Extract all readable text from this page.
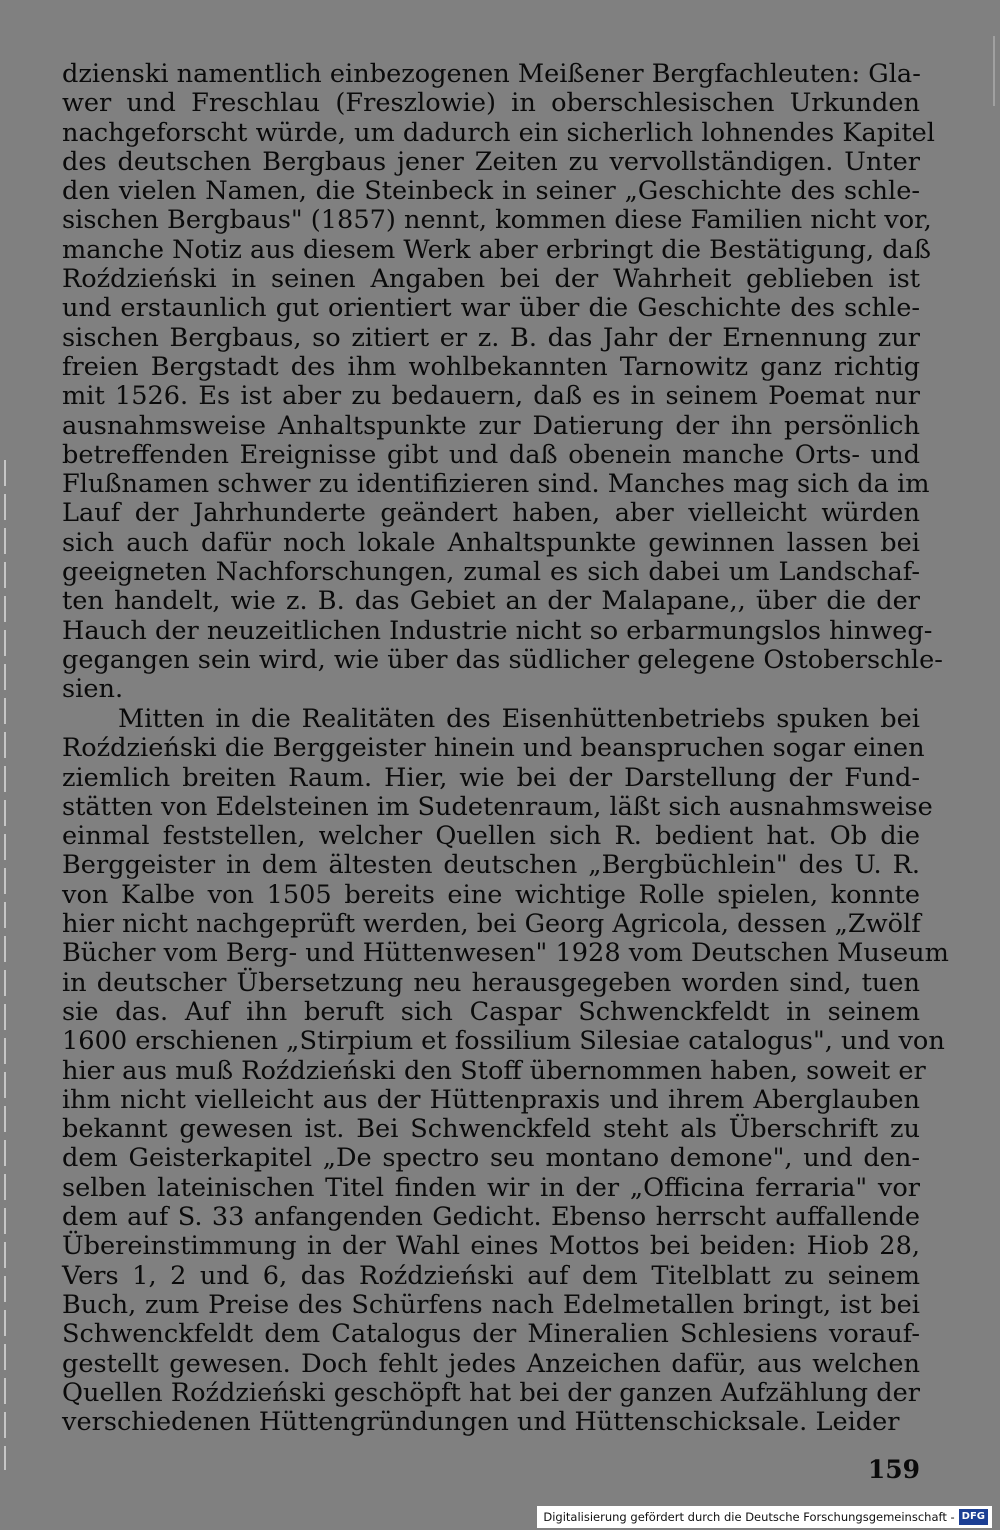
dzienski namentlich einbezogenen Meißener Bergfachleuten: Gla-
wer und Freschlau (Freszlowie) in oberschlesischen Urkunden
nachgeforscht würde, um dadurch ein sicherlich lohnendes Kapitel
des deutschen Bergbaus jener Zeiten zu vervollständigen. Unter
den vielen Namen, die Steinbeck in seiner „Geschichte des schle-
sischen Bergbaus" (1857) nennt, kommen diese Familien nicht vor,
manche Notiz aus diesem Werk aber erbringt die Bestätigung, daß
Roździeński in seinen Angaben bei der Wahrheit geblieben ist
und erstaunlich gut orientiert war über die Geschichte des schle-
sischen Bergbaus, so zitiert er z. B. das Jahr der Ernennung zur
freien Bergstadt des ihm wohlbekannten Tarnowitz ganz richtig
mit 1526. Es ist aber zu bedauern, daß es in seinem Poemat nur
ausnahmsweise Anhaltspunkte zur Datierung der ihn persönlich
betreffenden Ereignisse gibt und daß obenein manche Orts- und
Flußnamen schwer zu identifizieren sind. Manches mag sich da im
Lauf der Jahrhunderte geändert haben, aber vielleicht würden
sich auch dafür noch lokale Anhaltspunkte gewinnen lassen bei
geeigneten Nachforschungen, zumal es sich dabei um Landschaf-
ten handelt, wie z. B. das Gebiet an der Malapane,, über die der
Hauch der neuzeitlichen Industrie nicht so erbarmungslos hinweg-
gegangen sein wird, wie über das südlicher gelegene Ostoberschle-
sien.
Mitten in die Realitäten des Eisenhüttenbetriebs spuken bei
Roździeński die Berggeister hinein und beanspruchen sogar einen
ziemlich breiten Raum. Hier, wie bei der Darstellung der Fund-
stätten von Edelsteinen im Sudetenraum, läßt sich ausnahmsweise
einmal feststellen, welcher Quellen sich R. bedient hat. Ob die
Berggeister in dem ältesten deutschen „Bergbüchlein" des U. R.
von Kalbe von 1505 bereits eine wichtige Rolle spielen, konnte
hier nicht nachgeprüft werden, bei Georg Agricola, dessen „Zwölf
Bücher vom Berg- und Hüttenwesen" 1928 vom Deutschen Museum
in deutscher Übersetzung neu herausgegeben worden sind, tuen
sie das. Auf ihn beruft sich Caspar Schwenckfeldt in seinem
1600 erschienen „Stirpium et fossilium Silesiae catalogus", und von
hier aus muß Roździeński den Stoff übernommen haben, soweit er
ihm nicht vielleicht aus der Hüttenpraxis und ihrem Aberglauben
bekannt gewesen ist. Bei Schwenckfeld steht als Überschrift zu
dem Geisterkapitel „De spectro seu montano demone", und den-
selben lateinischen Titel finden wir in der „Officina ferraria" vor
dem auf S. 33 anfangenden Gedicht. Ebenso herrscht auffallende
Übereinstimmung in der Wahl eines Mottos bei beiden: Hiob 28,
Vers 1, 2 und 6, das Roździeński auf dem Titelblatt zu seinem
Buch, zum Preise des Schürfens nach Edelmetallen bringt, ist bei
Schwenckfeldt dem Catalogus der Mineralien Schlesiens vorauf-
gestellt gewesen. Doch fehlt jedes Anzeichen dafür, aus welchen
Quellen Roździeński geschöpft hat bei der ganzen Aufzählung der
verschiedenen Hüttengründungen und Hüttenschicksale. Leider
159
Digitalisierung gefördert durch die Deutsche Forschungsgemeinschaft - DFG
